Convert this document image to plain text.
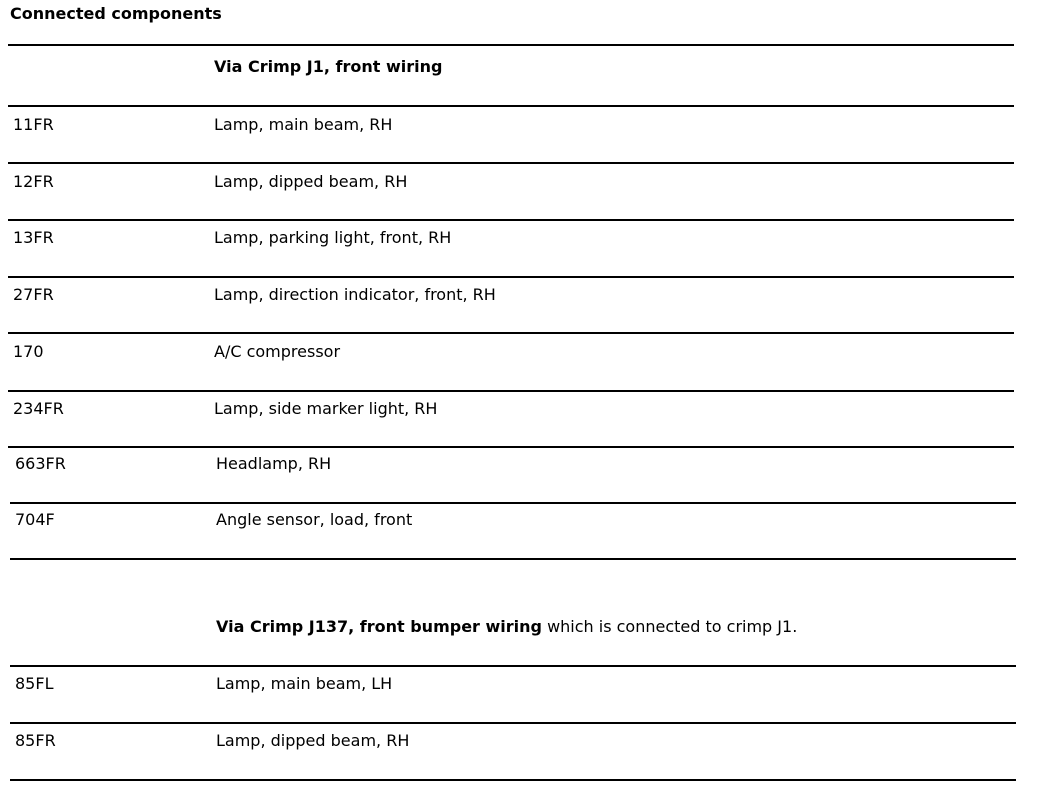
Connected components
Via Crimp J1, front wiring
11FR	Lamp, main beam, RH
12FR	Lamp, dipped beam, RH
13FR	Lamp, parking light, front, RH
27FR	Lamp, direction indicator, front, RH
170	A/C compressor
234FR	Lamp, side marker light, RH
663FR	Headlamp, RH
704F	Angle sensor, load, front
Via Crimp J137, front bumper wiring which is connected to crimp J1.
85FL	Lamp, main beam, LH
85FR	Lamp, dipped beam, RH
